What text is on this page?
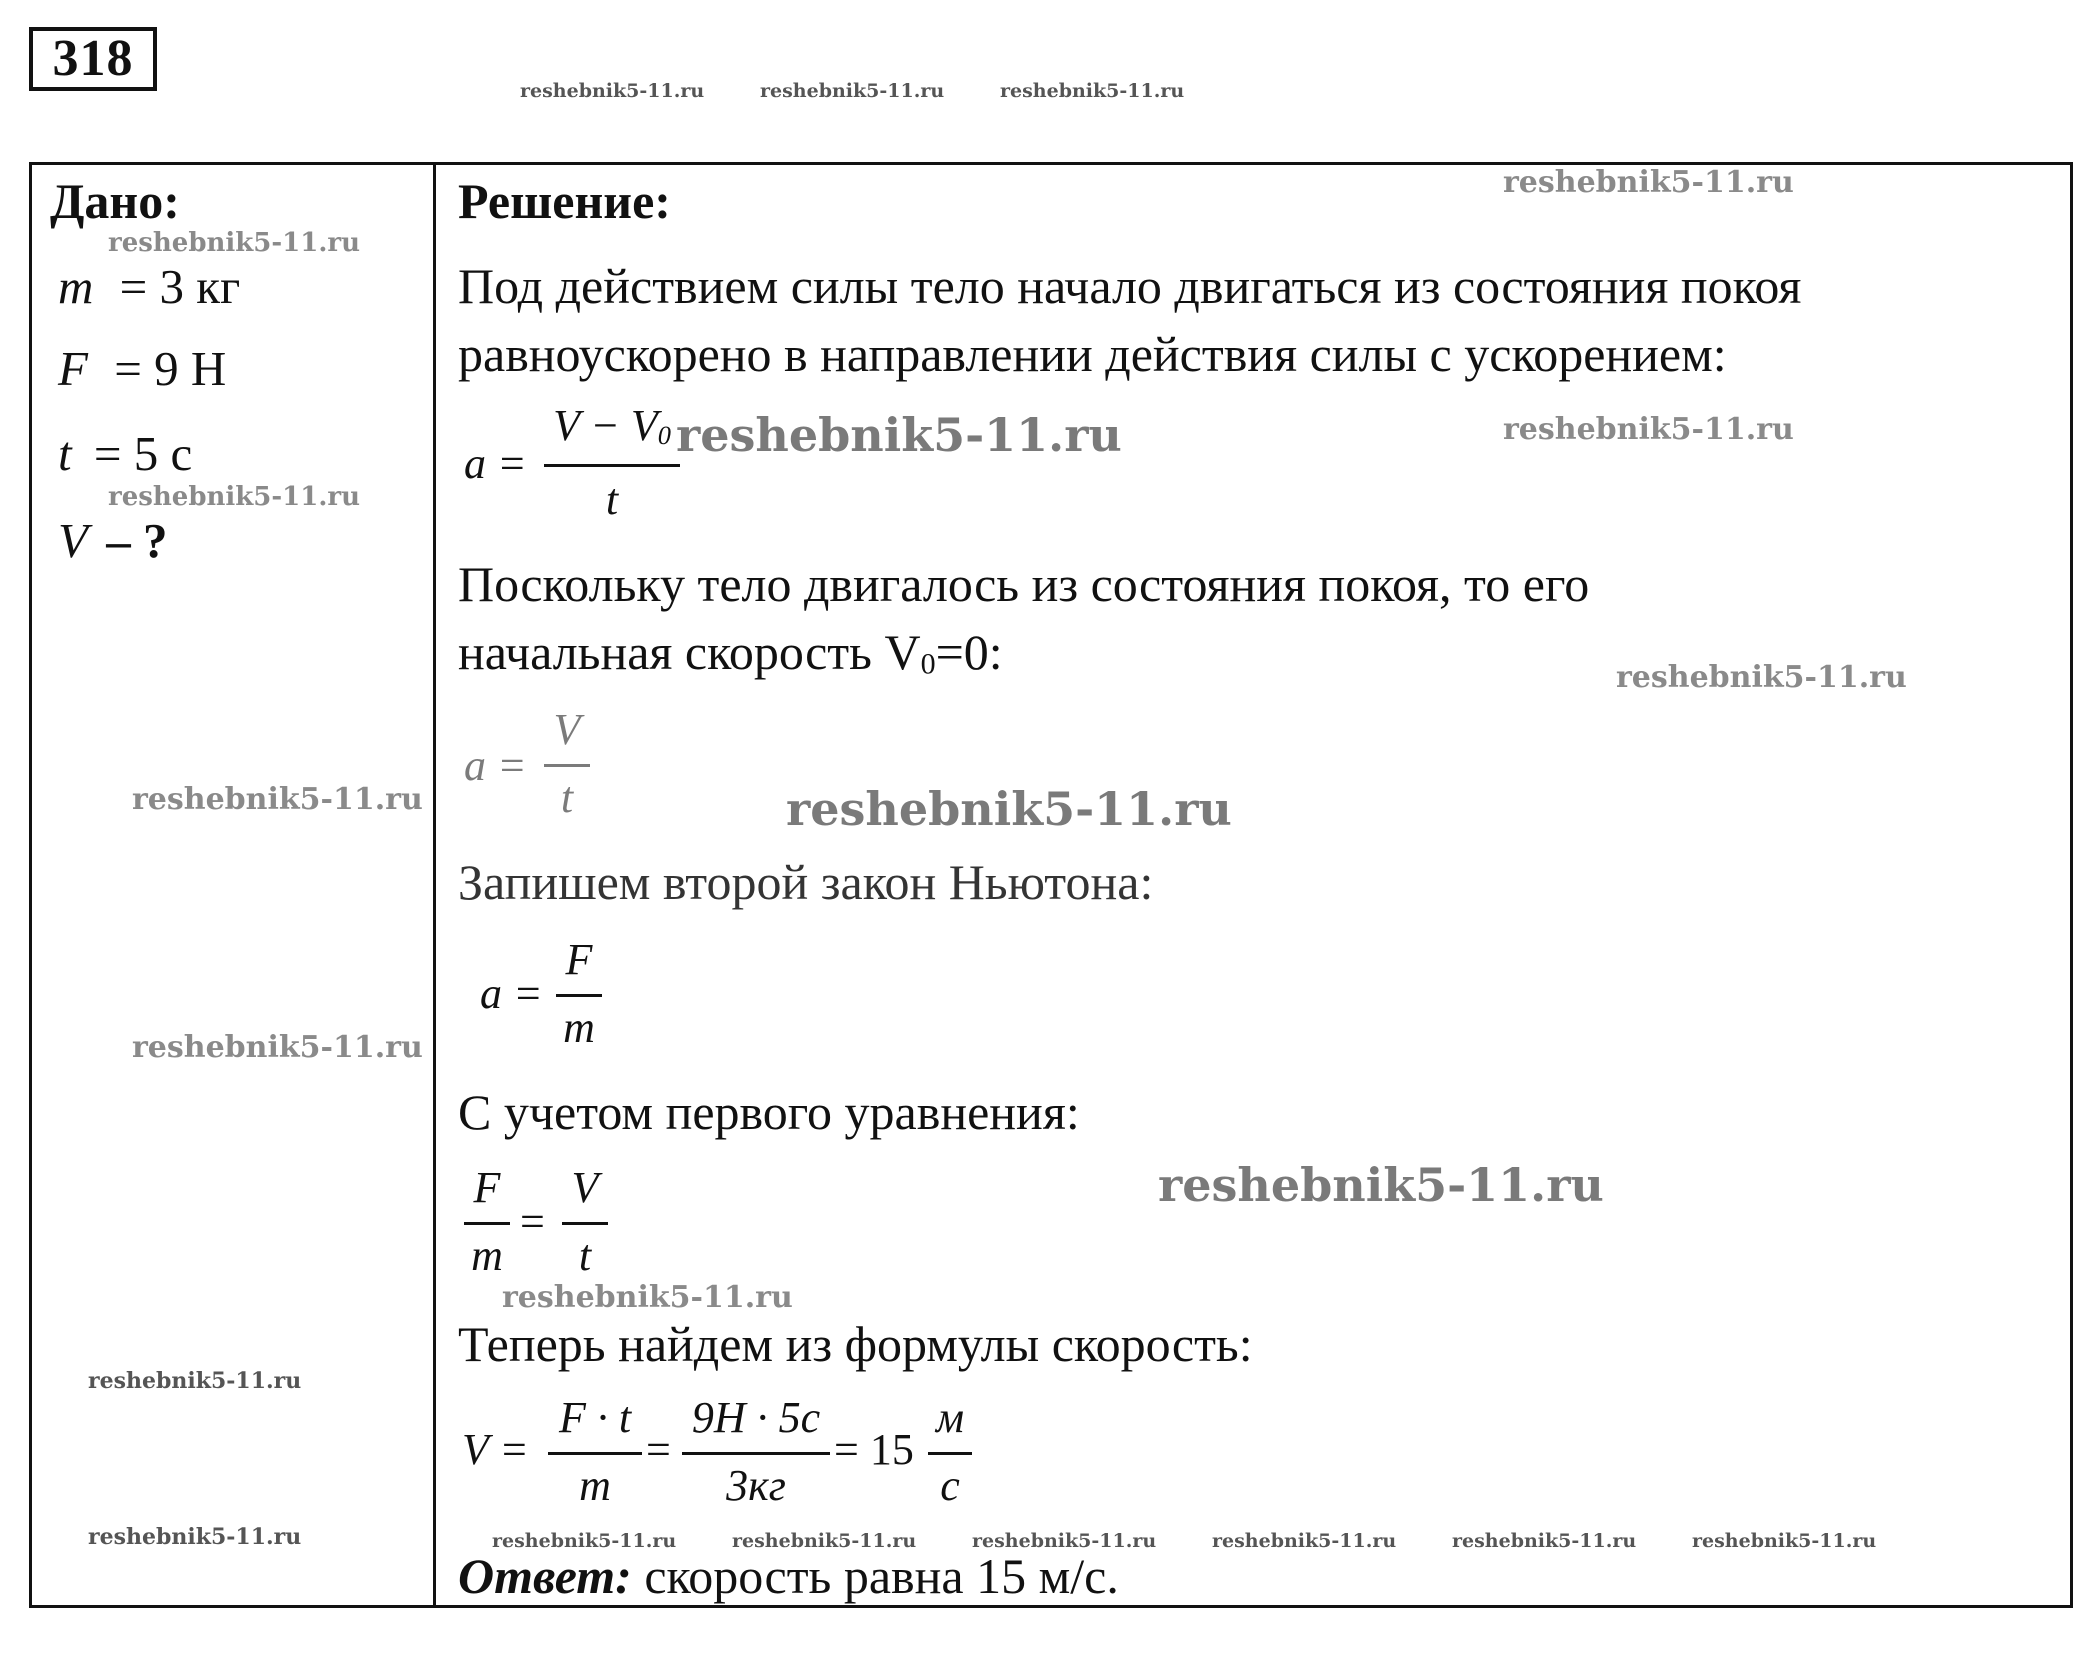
318
reshebnik5-11.ru	reshebnik5-11.ru	reshebnik5-11.ru
Дано:
reshebnik5-11.ru
m = 3 кг
F = 9 Н
t = 5 с
reshebnik5-11.ru
V – ?
Решение:	reshebnik5-11.ru
Под действием силы тело начало двигаться из состояния покоя
равноускорено в направлении действия силы с ускорением:
a =
$V - V_0$
t
reshebnik5-11.ru	reshebnik5-11.ru
Поскольку тело двигалось из состояния покоя, то его
начальная скорость $V_0=0$:	reshebnik5-11.ru
a =
V
t
reshebnik5-11.ru	reshebnik5-11.ru
Запишем второй закон Ньютона:
a =
F
m
reshebnik5-11.ru
С учетом первого уравнения:
F
m
=
V
t
reshebnik5-11.ru
reshebnik5-11.ru
Теперь найдем из формулы скорость:
reshebnik5-11.ru
V =
F · t
m
=
9H · 5c
3кг
= 15
м
c
reshebnik5-11.ru	reshebnik5-11.ru	reshebnik5-11.ru	reshebnik5-11.ru	reshebnik5-11.ru	reshebnik5-11.ru	reshebnik5-11.ru
Ответ: скорость равна 15 м/с.
